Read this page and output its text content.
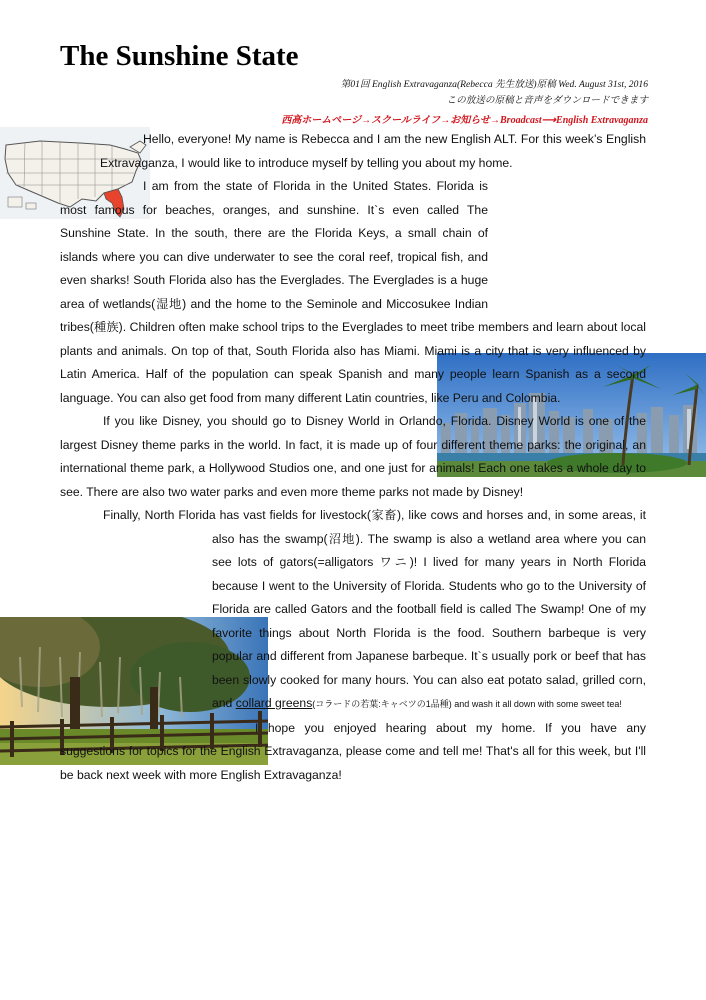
The Sunshine State
第01回 English Extravaganza(Rebecca 先生放送)原稿 Wed. August 31st, 2016
この放送の原稿と音声をダウンロードできます
西高ホームページ→スクールライフ→お知らせ→Broadcast⟶English Extravaganza

Hello, everyone! My name is Rebecca and I am the new English ALT. For this week’s English Extravaganza, I would like to introduce myself by telling you about my home.

I am from the state of Florida in the United States. Florida is most famous for beaches, oranges, and sunshine. It`s even called The Sunshine State. In the south, there are the Florida Keys, a small chain of islands where you can dive underwater to see the coral reef, tropical fish, and even sharks! South Florida also has the Everglades. The Everglades is a huge area of wetlands(湿地) and the home to the Seminole and Miccosukee Indian tribes(種族). Children often make school trips to the Everglades to meet tribe members and learn about local plants and animals. On top of that, South Florida also has Miami. Miami is a city that is very influenced by Latin America. Half of the population can speak Spanish and many people learn Spanish as a second language. You can also get food from many different Latin countries, like Peru and Colombia.

If you like Disney, you should go to Disney World in Orlando, Florida. Disney World is one of the largest Disney theme parks in the world. In fact, it is made up of four different theme parks: the original, an international theme park, a Hollywood Studios one, and one just for animals! Each one takes a whole day to see. There are also two water parks and even more theme parks not made by Disney!

Finally, North Florida has vast fields for livestock(家畜), like cows and horses and, in some
areas, it also has the swamp(沼地). The swamp is also a wetland area where you can see lots of gators(=alligators ワニ)! I lived for many years in North Florida because I went to the University of Florida. Students who go to the University of Florida are called Gators and the football field is called The Swamp! One of my favorite things about North Florida is the food. Southern barbeque is very popular and different from Japanese barbeque. It`s usually pork or beef that has been slowly cooked for many hours. You can also eat potato salad, grilled corn, and collard greens(コラードの若葉:キャベツの1品種) and wash it all down with some sweet tea!

I hope you enjoyed hearing about my home. If you have any suggestions for topics for the English Extravaganza, please come and tell me! That's all for this week, but I'll be back next week with more English Extravaganza!
